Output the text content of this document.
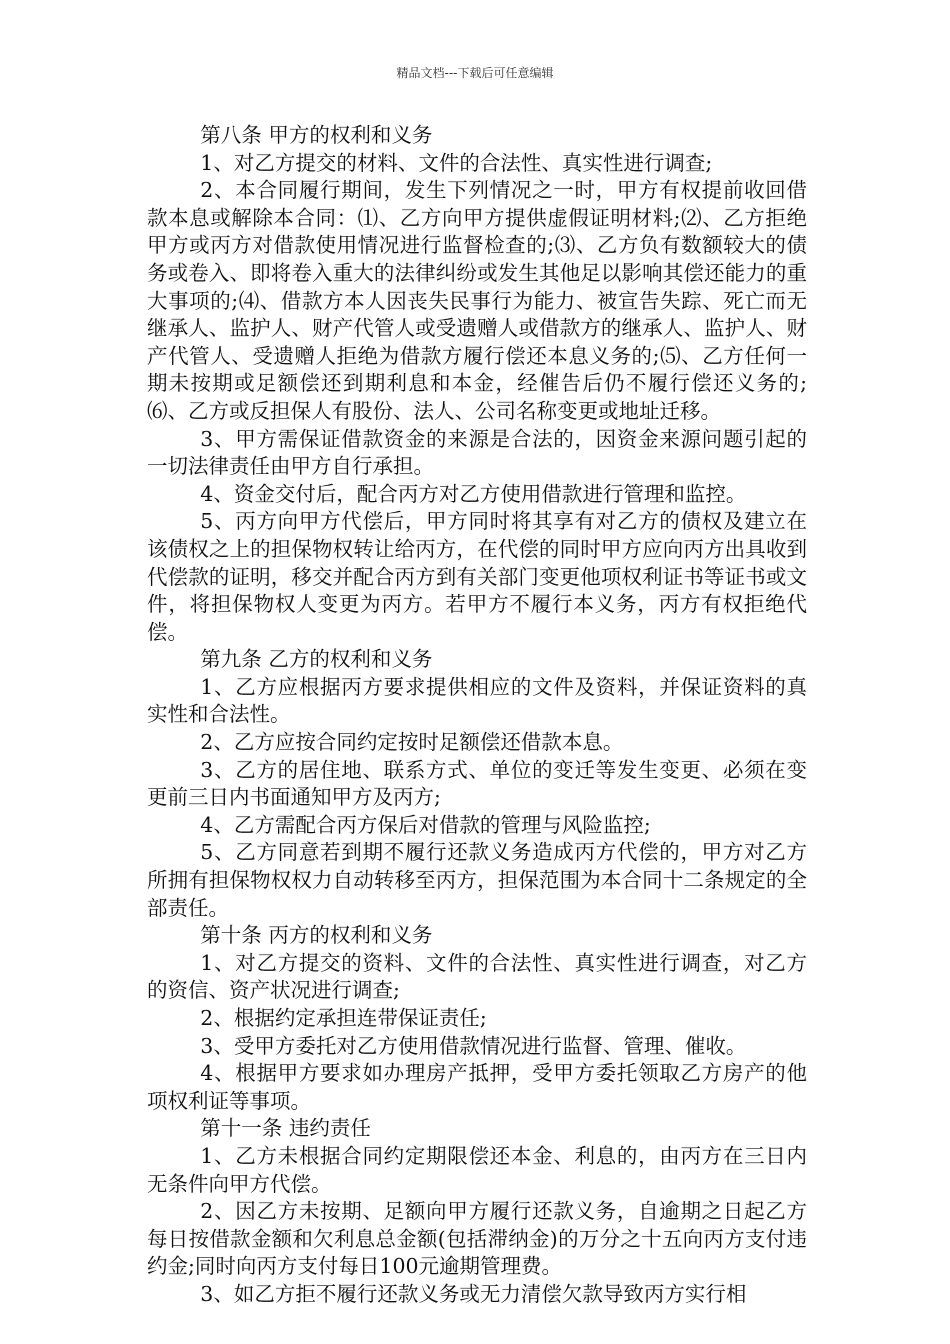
精品文档---下载后可任意编辑

第八条 甲方的权利和义务

1、对乙方提交的材料、文件的合法性、真实性进行调查;

2、本合同履行期间，发生下列情况之一时，甲方有权提前收回借款本息或解除本合同：⑴、乙方向甲方提供虚假证明材料;⑵、乙方拒绝甲方或丙方对借款使用情况进行监督检查的;⑶、乙方负有数额较大的债务或卷入、即将卷入重大的法律纠纷或发生其他足以影响其偿还能力的重大事项的;⑷、借款方本人因丧失民事行为能力、被宣告失踪、死亡而无继承人、监护人、财产代管人或受遗赠人或借款方的继承人、监护人、财产代管人、受遗赠人拒绝为借款方履行偿还本息义务的;⑸、乙方任何一期未按期或足额偿还到期利息和本金，经催告后仍不履行偿还义务的;⑹、乙方或反担保人有股份、法人、公司名称变更或地址迁移。

3、甲方需保证借款资金的来源是合法的，因资金来源问题引起的一切法律责任由甲方自行承担。

4、资金交付后，配合丙方对乙方使用借款进行管理和监控。

5、丙方向甲方代偿后，甲方同时将其享有对乙方的债权及建立在该债权之上的担保物权转让给丙方，在代偿的同时甲方应向丙方出具收到代偿款的证明，移交并配合丙方到有关部门变更他项权利证书等证书或文件，将担保物权人变更为丙方。若甲方不履行本义务，丙方有权拒绝代偿。

第九条 乙方的权利和义务

1、乙方应根据丙方要求提供相应的文件及资料，并保证资料的真实性和合法性。

2、乙方应按合同约定按时足额偿还借款本息。

3、乙方的居住地、联系方式、单位的变迁等发生变更、必须在变更前三日内书面通知甲方及丙方;

4、乙方需配合丙方保后对借款的管理与风险监控;

5、乙方同意若到期不履行还款义务造成丙方代偿的，甲方对乙方所拥有担保物权权力自动转移至丙方，担保范围为本合同十二条规定的全部责任。

第十条 丙方的权利和义务

1、对乙方提交的资料、文件的合法性、真实性进行调查，对乙方的资信、资产状况进行调查;

2、根据约定承担连带保证责任;

3、受甲方委托对乙方使用借款情况进行监督、管理、催收。

4、根据甲方要求如办理房产抵押，受甲方委托领取乙方房产的他项权利证等事项。

第十一条 违约责任

1、乙方未根据合同约定期限偿还本金、利息的，由丙方在三日内无条件向甲方代偿。

2、因乙方未按期、足额向甲方履行还款义务，自逾期之日起乙方每日按借款金额和欠利息总金额(包括滞纳金)的万分之十五向丙方支付违约金;同时向丙方支付每日100元逾期管理费。

3、如乙方拒不履行还款义务或无力清偿欠款导致丙方实行相
